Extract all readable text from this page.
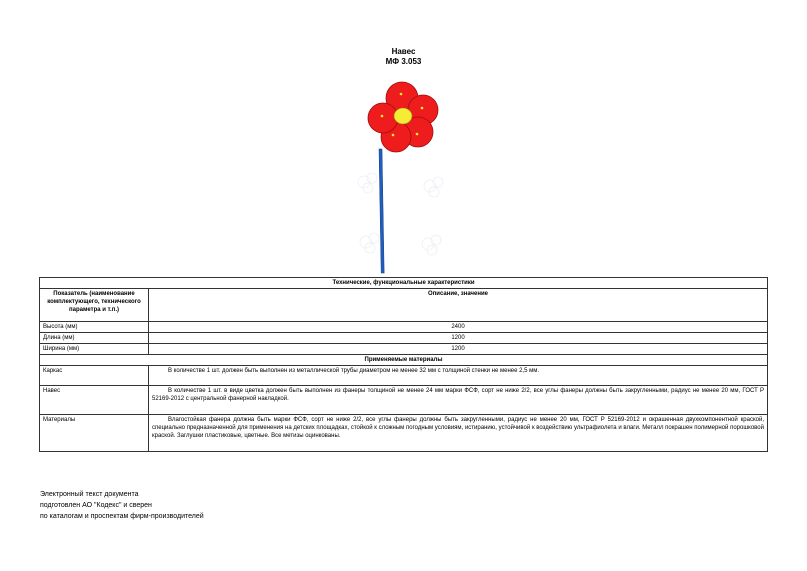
Навес
МФ 3.053
Технические, функциональные характеристики	
Показатель (наименование комплектующего, технического параметра и т.п.)	Описание, значение
Высота (мм)	2400
Длина (мм)	1200
Ширина (мм)	1200
Применяемые материалы	
Каркас	В количестве 1 шт. должен быть выполнен из металлической трубы диаметром не менее 32 мм с толщиной стенки не менее 2,5 мм.
Навес	В количестве 1 шт. в виде цветка должен быть выполнен из фанеры толщиной не менее 24 мм марки ФСФ, сорт не ниже 2/2, все углы фанеры должны быть закругленными, радиус не менее 20 мм, ГОСТ Р 52169-2012 с центральной фанерной накладкой.
Материалы	Влагостойкая фанера должна быть марки ФСФ, сорт не ниже 2/2, все углы фанеры должны быть закругленными, радиус не менее 20 мм, ГОСТ Р 52169-2012 и окрашенная двухкомпонентной краской, специально предназначенной для применения на детских площадках, стойкой к сложным погодным условиям, истиранию, устойчивой к воздействию ультрафиолета и влаги. Металл покрашен полимерной порошковой краской. Заглушки пластиковые, цветные. Все метизы оцинкованы.
Электронный текст документа
подготовлен АО "Кодекс" и сверен
по каталогам и проспектам фирм-производителей
